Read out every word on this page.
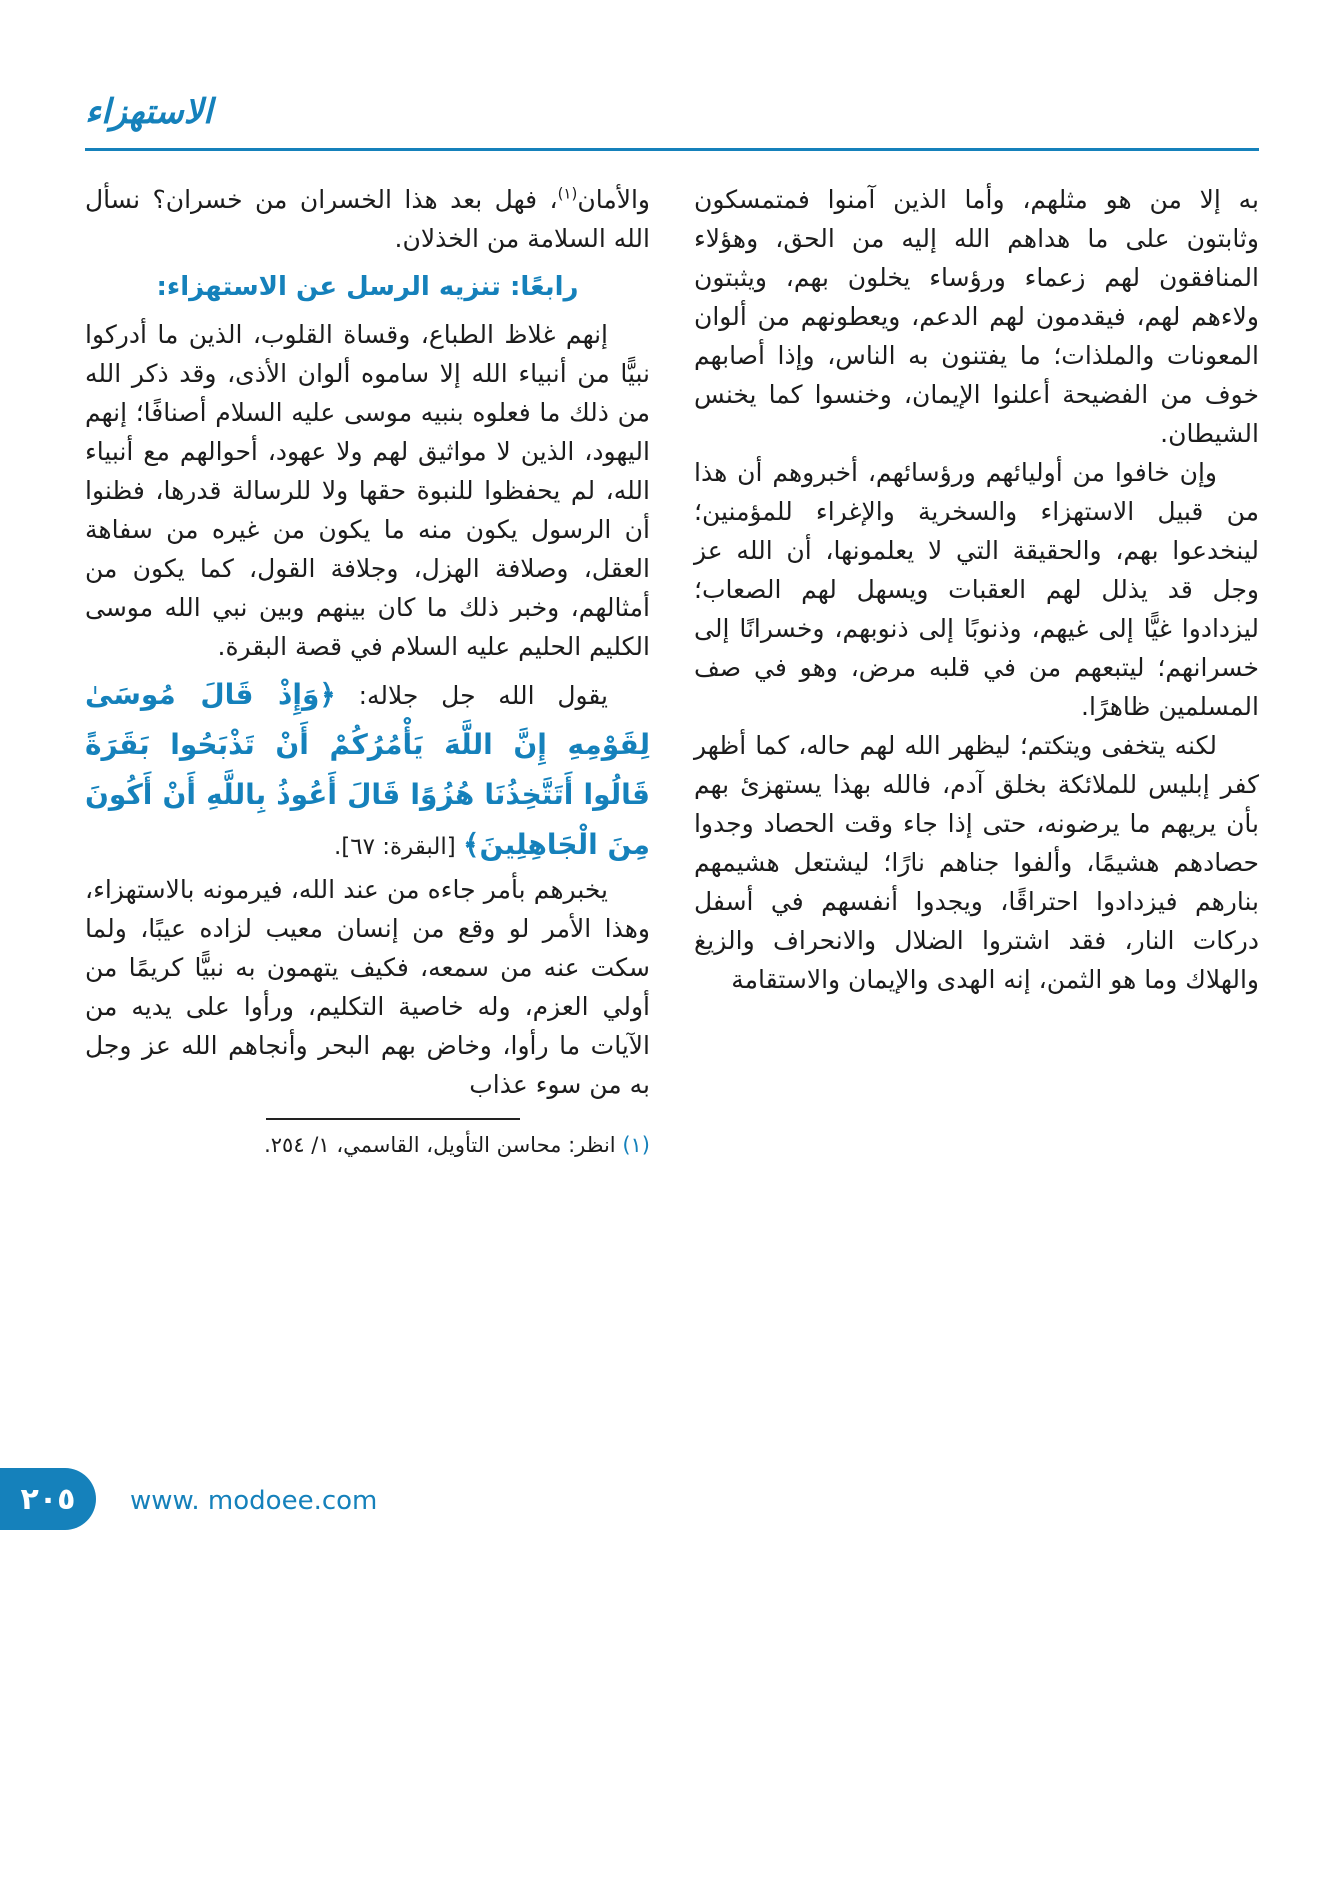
الاستهزاء

به إلا من هو مثلهم، وأما الذين آمنوا فمتمسكون وثابتون على ما هداهم الله إليه من الحق، وهؤلاء المنافقون لهم زعماء ورؤساء يخلون بهم، ويثبتون ولاءهم لهم، فيقدمون لهم الدعم، ويعطونهم من ألوان المعونات والملذات؛ ما يفتنون به الناس، وإذا أصابهم خوف من الفضيحة أعلنوا الإيمان، وخنسوا كما يخنس الشيطان.

وإن خافوا من أوليائهم ورؤسائهم، أخبروهم أن هذا من قبيل الاستهزاء والسخرية والإغراء للمؤمنين؛ لينخدعوا بهم، والحقيقة التي لا يعلمونها، أن الله عز وجل قد يذلل لهم العقبات ويسهل لهم الصعاب؛ ليزدادوا غيًّا إلى غيهم، وذنوبًا إلى ذنوبهم، وخسرانًا إلى خسرانهم؛ ليتبعهم من في قلبه مرض، وهو في صف المسلمين ظاهرًا.

لكنه يتخفى ويتكتم؛ ليظهر الله لهم حاله، كما أظهر كفر إبليس للملائكة بخلق آدم، فالله بهذا يستهزئ بهم بأن يريهم ما يرضونه، حتى إذا جاء وقت الحصاد وجدوا حصادهم هشيمًا، وألفوا جناهم نارًا؛ ليشتعل هشيمهم بنارهم فيزدادوا احتراقًا، ويجدوا أنفسهم في أسفل دركات النار، فقد اشتروا الضلال والانحراف والزيغ والهلاك وما هو الثمن، إنه الهدى والإيمان والاستقامة

والأمان$^{(١)}$، فهل بعد هذا الخسران من خسران؟ نسأل الله السلامة من الخذلان.

رابعًا: تنزيه الرسل عن الاستهزاء:

إنهم غلاظ الطباع، وقساة القلوب، الذين ما أدركوا نبيًّا من أنبياء الله إلا ساموه ألوان الأذى، وقد ذكر الله من ذلك ما فعلوه بنبيه موسى عليه السلام أصنافًا؛ إنهم اليهود، الذين لا مواثيق لهم ولا عهود، أحوالهم مع أنبياء الله، لم يحفظوا للنبوة حقها ولا للرسالة قدرها، فظنوا أن الرسول يكون منه ما يكون من غيره من سفاهة العقل، وصلافة الهزل، وجلافة القول، كما يكون من أمثالهم، وخبر ذلك ما كان بينهم وبين نبي الله موسى الكليم الحليم عليه السلام في قصة البقرة.

يقول الله جل جلاله: ﴿وَإِذْ قَالَ مُوسَىٰ لِقَوْمِهِ إِنَّ اللَّهَ يَأْمُرُكُمْ أَنْ تَذْبَحُوا بَقَرَةً قَالُوا أَتَتَّخِذُنَا هُزُوًا قَالَ أَعُوذُ بِاللَّهِ أَنْ أَكُونَ مِنَ الْجَاهِلِينَ﴾ [البقرة: ٦٧].

يخبرهم بأمر جاءه من عند الله، فيرمونه بالاستهزاء، وهذا الأمر لو وقع من إنسان معيب لزاده عيبًا، ولما سكت عنه من سمعه، فكيف يتهمون به نبيًّا كريمًا من أولي العزم، وله خاصية التكليم، ورأوا على يديه من الآيات ما رأوا، وخاض بهم البحر وأنجاهم الله عز وجل به من سوء عذاب

(١) انظر: محاسن التأويل، القاسمي، ١/ ٢٥٤.

٢٠٥ www. modoee.com
